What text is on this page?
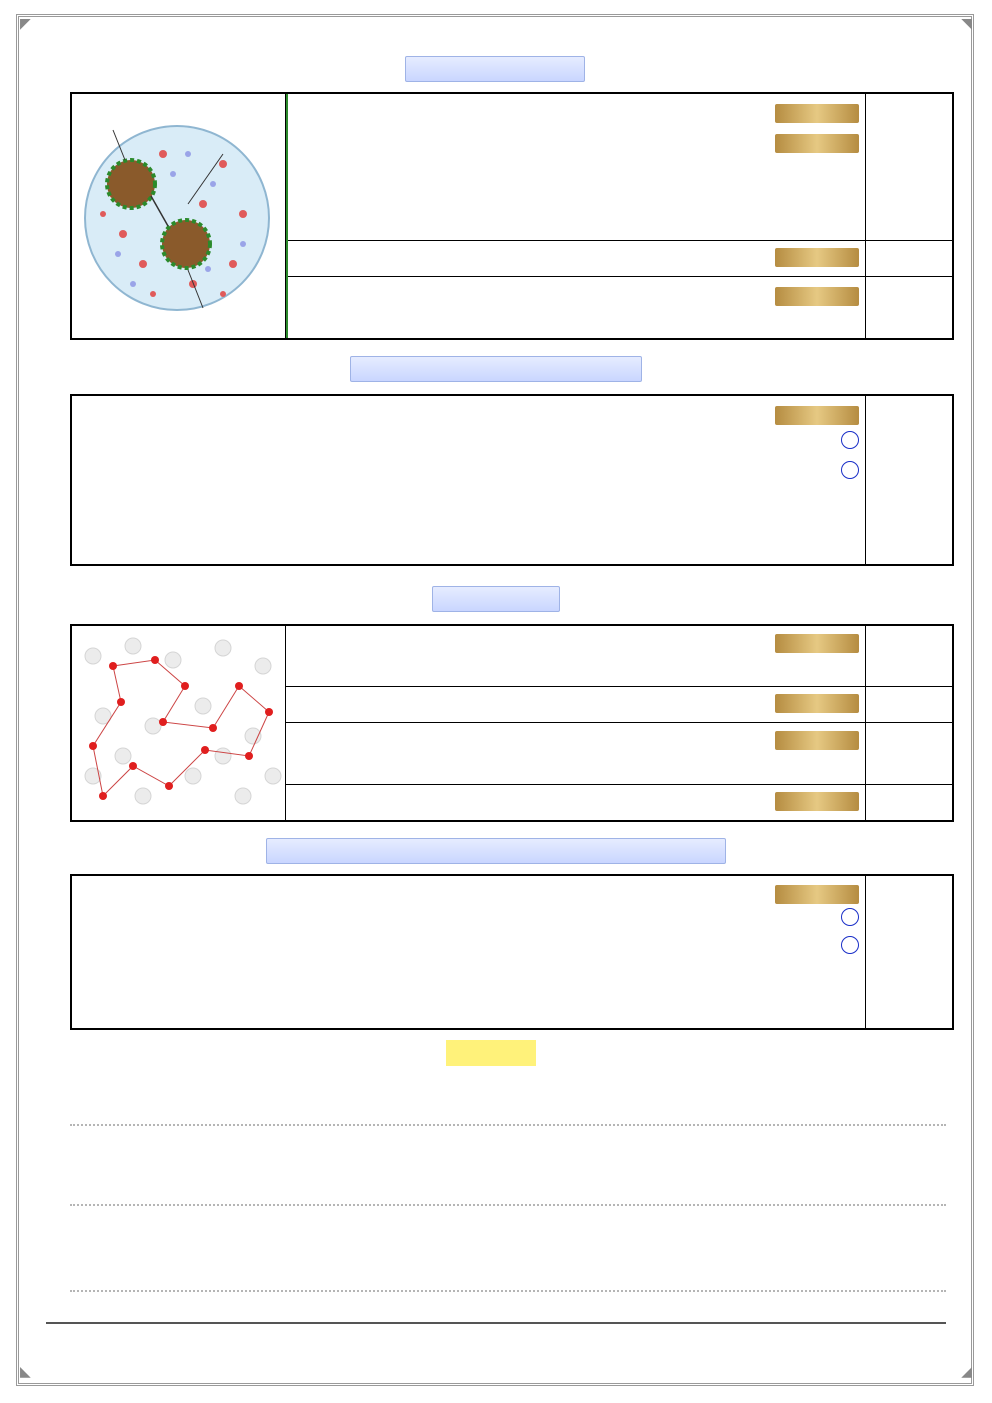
◤	◥
◣	◢
